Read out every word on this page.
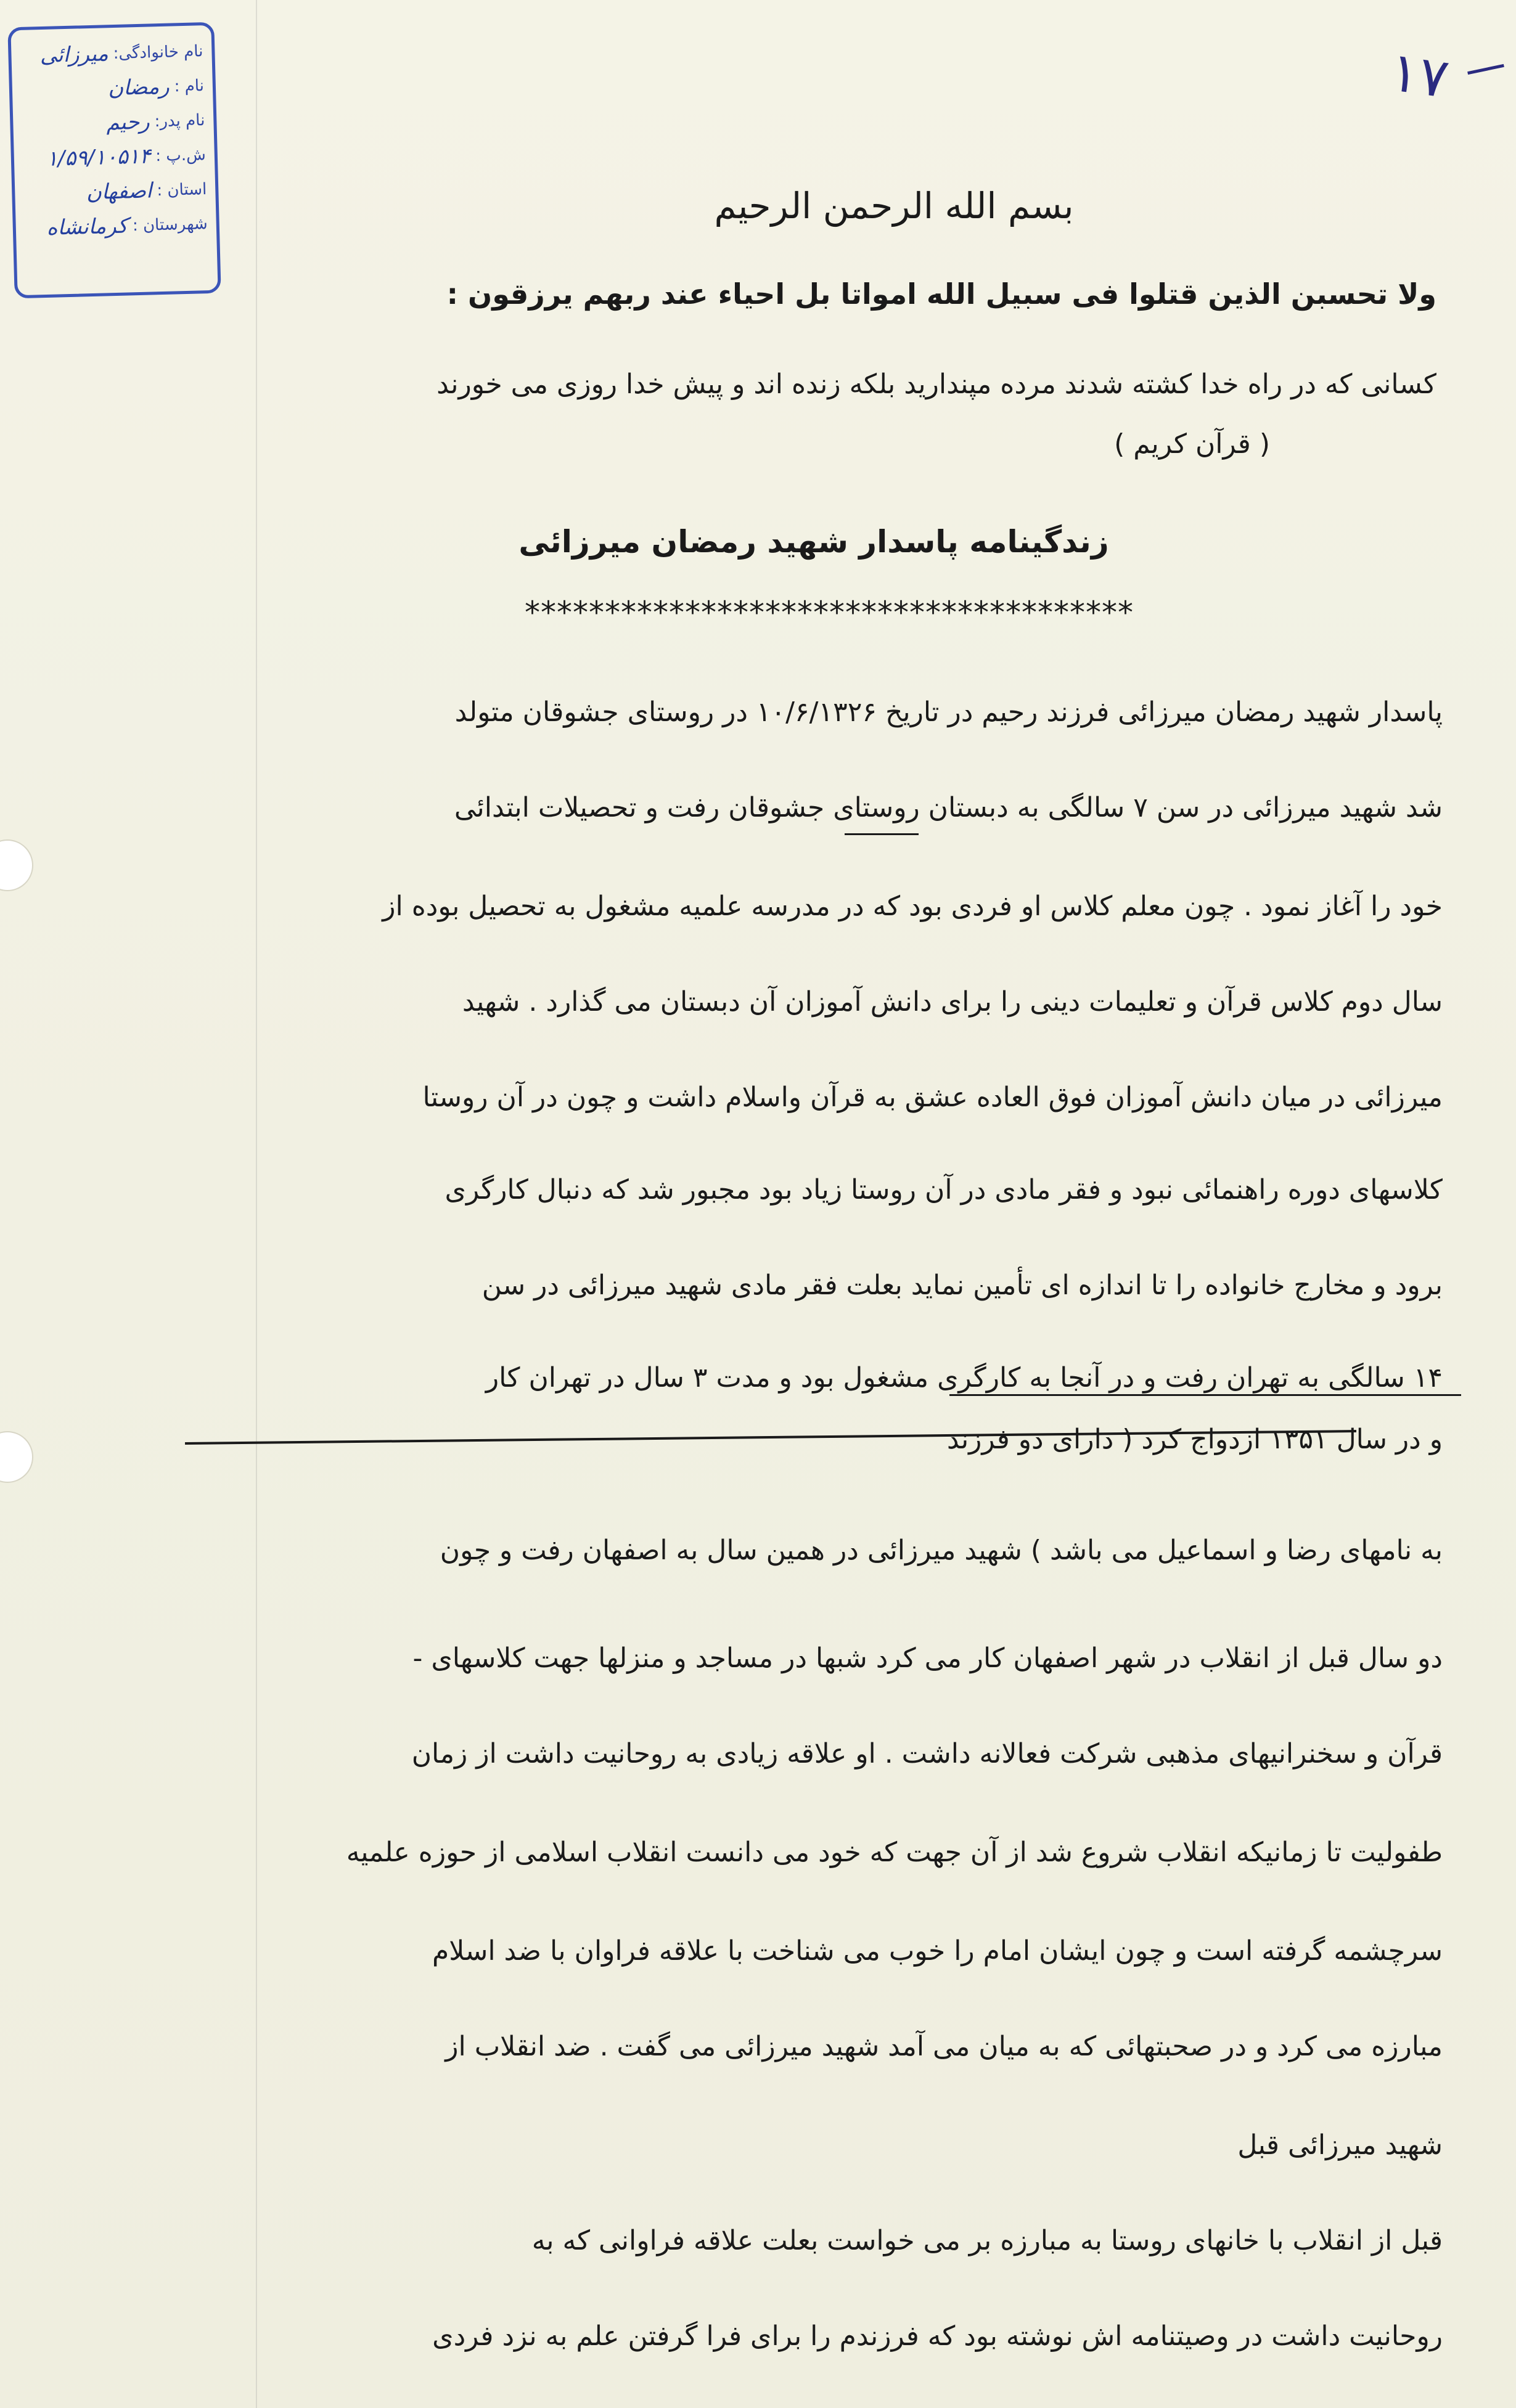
نام خانوادگی:
میرزائی
نام :
رمضان
نام پدر:
رحیم
ش.پ :
۱/۵۹/۱۰۵۱۴
استان :
اصفهان
شهرستان :
کرمانشاه
۱۷
بسم الله الرحمن الرحیم
ولا تحسبن الذین قتلوا فی سبیل الله امواتا بل احیاء عند ربهم یرزقون :
کسانی که در راه خدا کشته شدند مرده مپندارید بلکه زنده اند و پیش خدا روزی می خورند
( قرآن کریم )
زندگینامه پاسدار شهید رمضان میرزائی
**************************************
پاسدار شهید رمضان میرزائی فرزند رحیم در تاریخ ۱۰/۶/۱۳۲۶ در روستای جشوقان متولد
شد شهید میرزائی در سن ۷ سالگی به دبستان روستای جشوقان رفت و تحصیلات ابتدائی
خود را آغاز نمود . چون معلم کلاس او فردی بود که در مدرسه علمیه مشغول به تحصیل بوده از
سال دوم کلاس قرآن و تعلیمات دینی را برای دانش آموزان آن دبستان می گذارد . شهید
میرزائی در میان دانش آموزان فوق العاده عشق به قرآن واسلام داشت و چون در آن روستا
کلاسهای دوره راهنمائی نبود و فقر مادی در آن روستا زیاد بود مجبور شد که دنبال کارگری
برود و مخارج خانواده را تا اندازه ای تأمین نماید بعلت فقر مادی شهید میرزائی در سن
۱۴ سالگی به تهران رفت و در آنجا به کارگری مشغول بود و مدت ۳ سال در تهران کار
و در سال ۱۳۵۱ ازدواج کرد ( دارای دو فرزند
به نامهای رضا و اسماعیل می باشد ) شهید میرزائی در همین سال به اصفهان رفت و چون
دو سال قبل از انقلاب در شهر اصفهان کار می کرد شبها در مساجد و منزلها جهت کلاسهای -
قرآن و سخنرانیهای مذهبی شرکت فعالانه داشت . او علاقه زیادی به روحانیت داشت از زمان
طفولیت تا زمانیکه انقلاب شروع شد از آن جهت که خود می دانست انقلاب اسلامی از حوزه علمیه
سرچشمه گرفته است و چون ایشان امام را خوب می شناخت با علاقه فراوان با ضد اسلام
مبارزه می کرد و در صحبتهائی که به میان می آمد شهید میرزائی می گفت . ضد انقلاب از
شهید میرزائی قبل
قبل از انقلاب با خانهای روستا به مبارزه بر می خواست بعلت علاقه فراوانی که به
روحانیت داشت در وصیتنامه اش نوشته بود که فرزندم را برای فرا گرفتن علم به نزد فردی
